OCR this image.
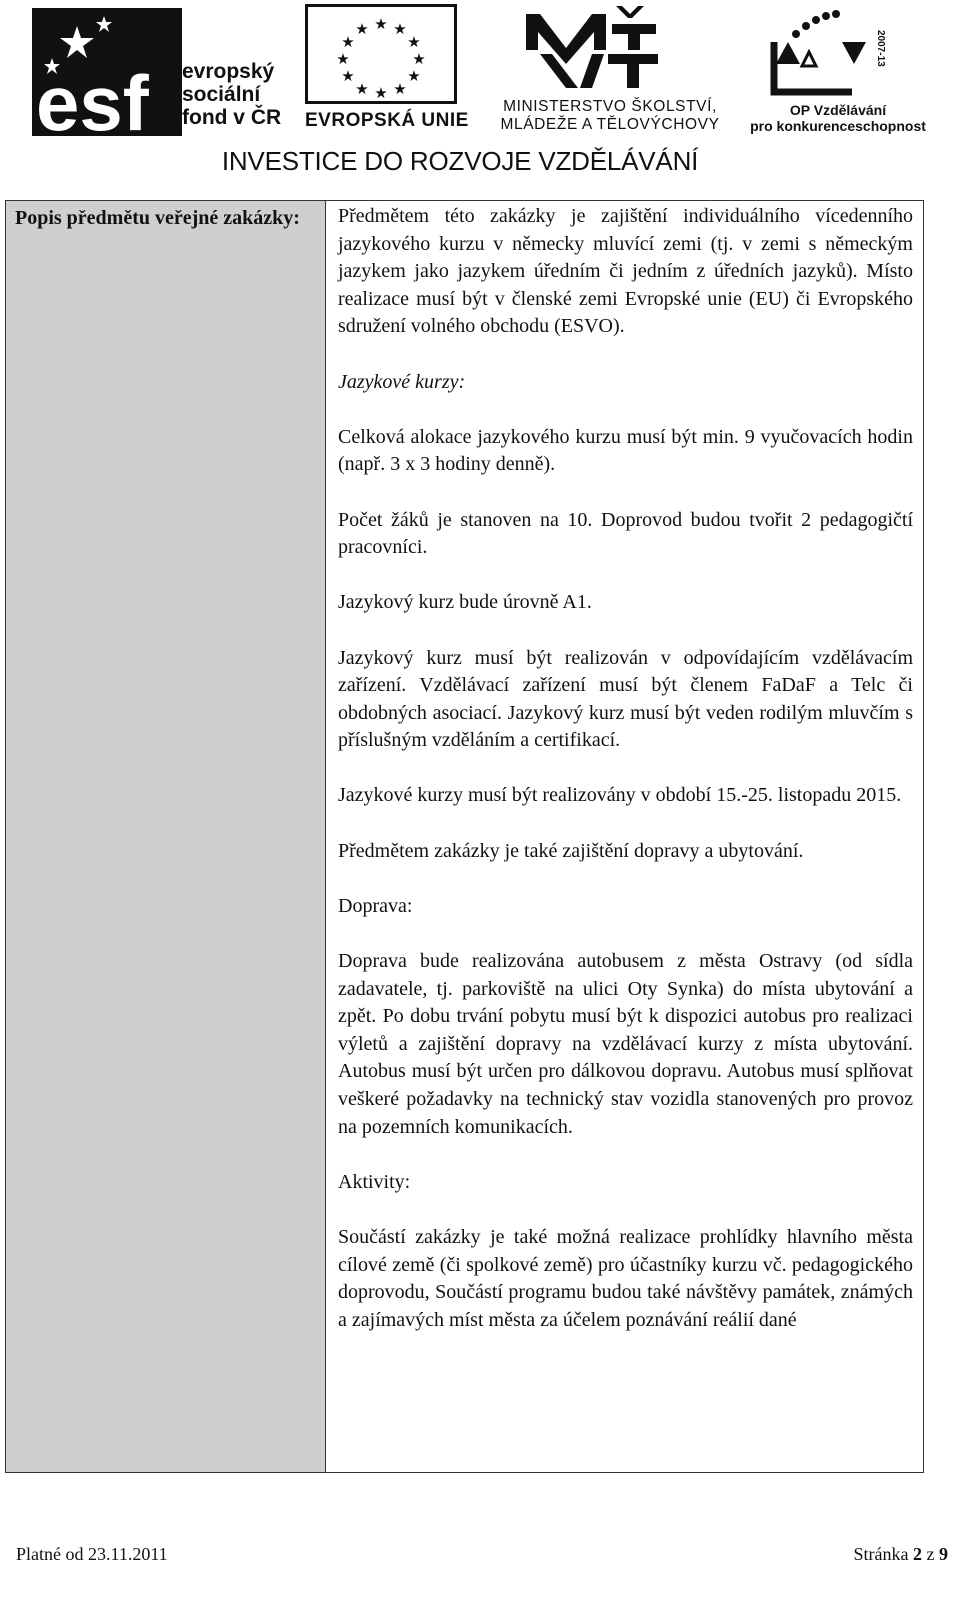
esf evropský
sociální
fond v ČR
★ ★
★
★
★
★
★
★
★
★
★
★
EVROPSKÁ UNIE
MINISTERSTVO ŠKOLSTVÍ,
MLÁDEŽE A TĚLOVÝCHOVY
2007-13
OP Vzdělávání
pro konkurenceschopnost
INVESTICE DO ROZVOJE VZDĚLÁVÁNÍ
Popis předmětu veřejné zakázky: Předmětem této zakázky je zajištění individuálního vícedenního jazykového kurzu v německy mluvící zemi (tj. v zemi s německým jazykem jako jazykem úředním či jedním z úředních jazyků). Místo realizace musí být v členské zemi Evropské unie (EU) či Evropského sdružení volného obchodu (ESVO).

Jazykové kurzy:

Celková alokace jazykového kurzu musí být min. 9 vyučovacích hodin (např. 3 x 3 hodiny denně).

Počet žáků je stanoven na 10. Doprovod budou tvořit 2 pedagogičtí pracovníci.

Jazykový kurz bude úrovně A1.

Jazykový kurz musí být realizován v odpovídajícím vzdělávacím zařízení. Vzdělávací zařízení musí být členem FaDaF a Telc či obdobných asociací. Jazykový kurz musí být veden rodilým mluvčím s příslušným vzděláním a certifikací.

Jazykové kurzy musí být realizovány v období 15.-25. listopadu 2015.

Předmětem zakázky je také zajištění dopravy a ubytování.

Doprava:

Doprava bude realizována autobusem z města Ostravy (od sídla zadavatele, tj. parkoviště na ulici Oty Synka) do místa ubytování a zpět. Po dobu trvání pobytu musí být k dispozici autobus pro realizaci výletů a zajištění dopravy na vzdělávací kurzy z místa ubytování. Autobus musí být určen pro dálkovou dopravu. Autobus musí splňovat veškeré požadavky na technický stav vozidla stanovených pro provoz na pozemních komunikacích.

Aktivity:

Součástí zakázky je také možná realizace prohlídky hlavního města cílové země (či spolkové země) pro účastníky kurzu vč. pedagogického doprovodu, Součástí programu budou také návštěvy památek, známých a zajímavých míst města za účelem poznávání reálií dané

Platné od 23.11.2011	Stránka 2 z 9
